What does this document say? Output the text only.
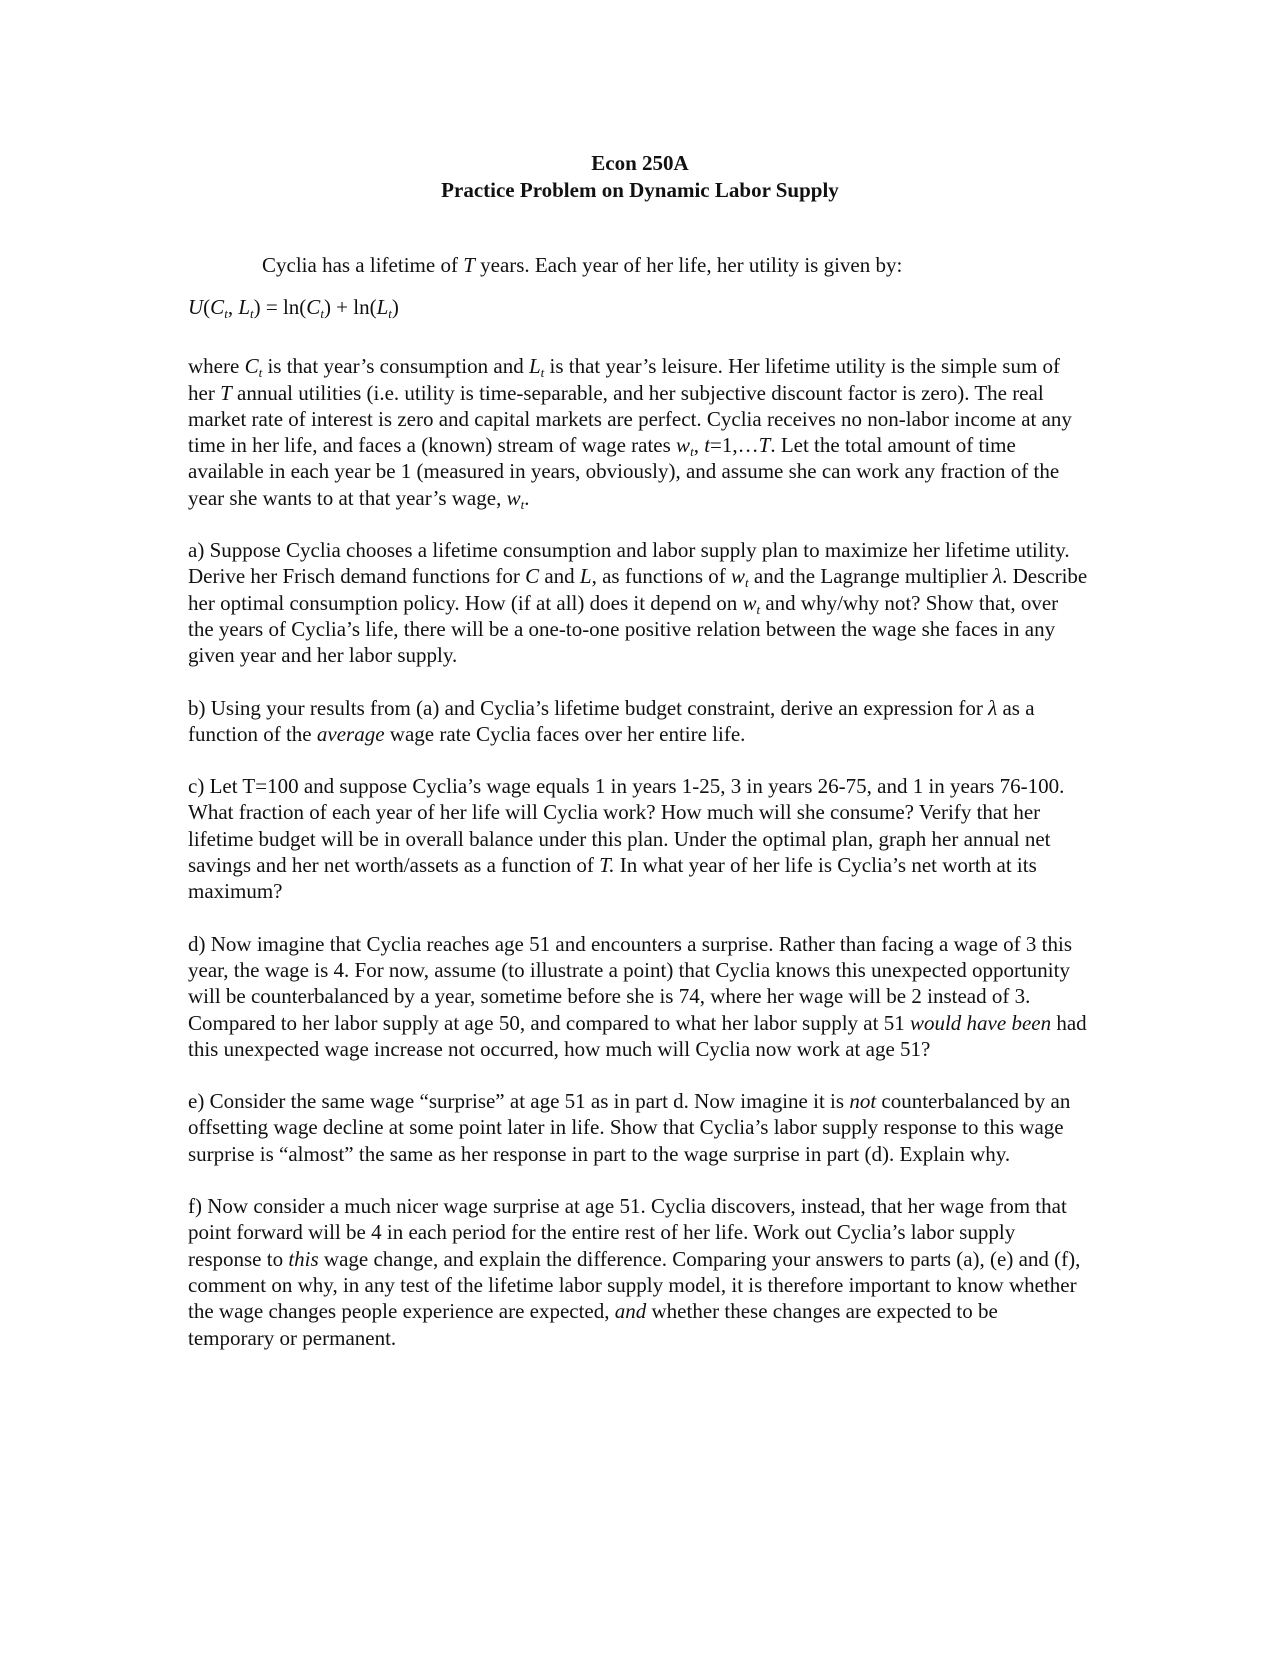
Econ 250A
Practice Problem on Dynamic Labor Supply

Cyclia has a lifetime of T years. Each year of her life, her utility is given by:

$U(C_t$, $L_t) = \ln(C_t) + \ln(L_t)$

where $C_t$ is that year’s consumption and $L_t$ is that year’s leisure. Her lifetime utility is the simple sum of her T annual utilities (i.e. utility is time-separable, and her subjective discount factor is zero). The real market rate of interest is zero and capital markets are perfect. Cyclia receives no non-labor income at any time in her life, and faces a (known) stream of wage rates $w_t$, t=1,…T. Let the total amount of time available in each year be 1 (measured in years, obviously), and assume she can work any fraction of the year she wants to at that year’s wage, $w_t$.

a) Suppose Cyclia chooses a lifetime consumption and labor supply plan to maximize her lifetime utility. Derive her Frisch demand functions for C and L, as functions of $w_t$ and the Lagrange multiplier λ. Describe her optimal consumption policy. How (if at all) does it depend on $w_t$ and why/why not? Show that, over the years of Cyclia’s life, there will be a one-to-one positive relation between the wage she faces in any given year and her labor supply.

b) Using your results from (a) and Cyclia’s lifetime budget constraint, derive an expression for λ as a function of the average wage rate Cyclia faces over her entire life.

c) Let T=100 and suppose Cyclia’s wage equals 1 in years 1-25, 3 in years 26-75, and 1 in years 76-100. What fraction of each year of her life will Cyclia work? How much will she consume? Verify that her lifetime budget will be in overall balance under this plan. Under the optimal plan, graph her annual net savings and her net worth/assets as a function of T. In what year of her life is Cyclia’s net worth at its maximum?

d) Now imagine that Cyclia reaches age 51 and encounters a surprise. Rather than facing a wage of 3 this year, the wage is 4. For now, assume (to illustrate a point) that Cyclia knows this unexpected opportunity will be counterbalanced by a year, sometime before she is 74, where her wage will be 2 instead of 3. Compared to her labor supply at age 50, and compared to what her labor supply at 51 would have been had this unexpected wage increase not occurred, how much will Cyclia now work at age 51?

e) Consider the same wage “surprise” at age 51 as in part d. Now imagine it is not counterbalanced by an offsetting wage decline at some point later in life. Show that Cyclia’s labor supply response to this wage surprise is “almost” the same as her response in part to the wage surprise in part (d). Explain why.

f) Now consider a much nicer wage surprise at age 51. Cyclia discovers, instead, that her wage from that point forward will be 4 in each period for the entire rest of her life. Work out Cyclia’s labor supply response to this wage change, and explain the difference. Comparing your answers to parts (a), (e) and (f), comment on why, in any test of the lifetime labor supply model, it is therefore important to know whether the wage changes people experience are expected, and whether these changes are expected to be temporary or permanent.
